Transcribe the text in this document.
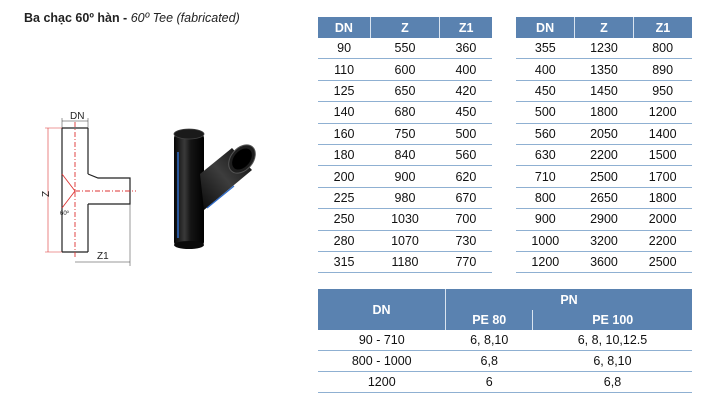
Ba chạc 60º hàn - 60º Tee (fabricated)
DN
Z
Z1
60º
DN	Z	Z1
90	550	360
110	600	400
125	650	420
140	680	450
160	750	500
180	840	560
200	900	620
225	980	670
250	1030	700
280	1070	730
315	1180	770
DN	Z	Z1
355	1230	800
400	1350	890
450	1450	950
500	1800	1200
560	2050	1400
630	2200	1500
710	2500	1700
800	2650	1800
900	2900	2000
1000	3200	2200
1200	3600	2500
DN	PN	
	PE 80	PE 100
90 - 710	6, 8,10	6, 8, 10,12.5
800 - 1000	6,8	6, 8,10
1200	6	6,8
